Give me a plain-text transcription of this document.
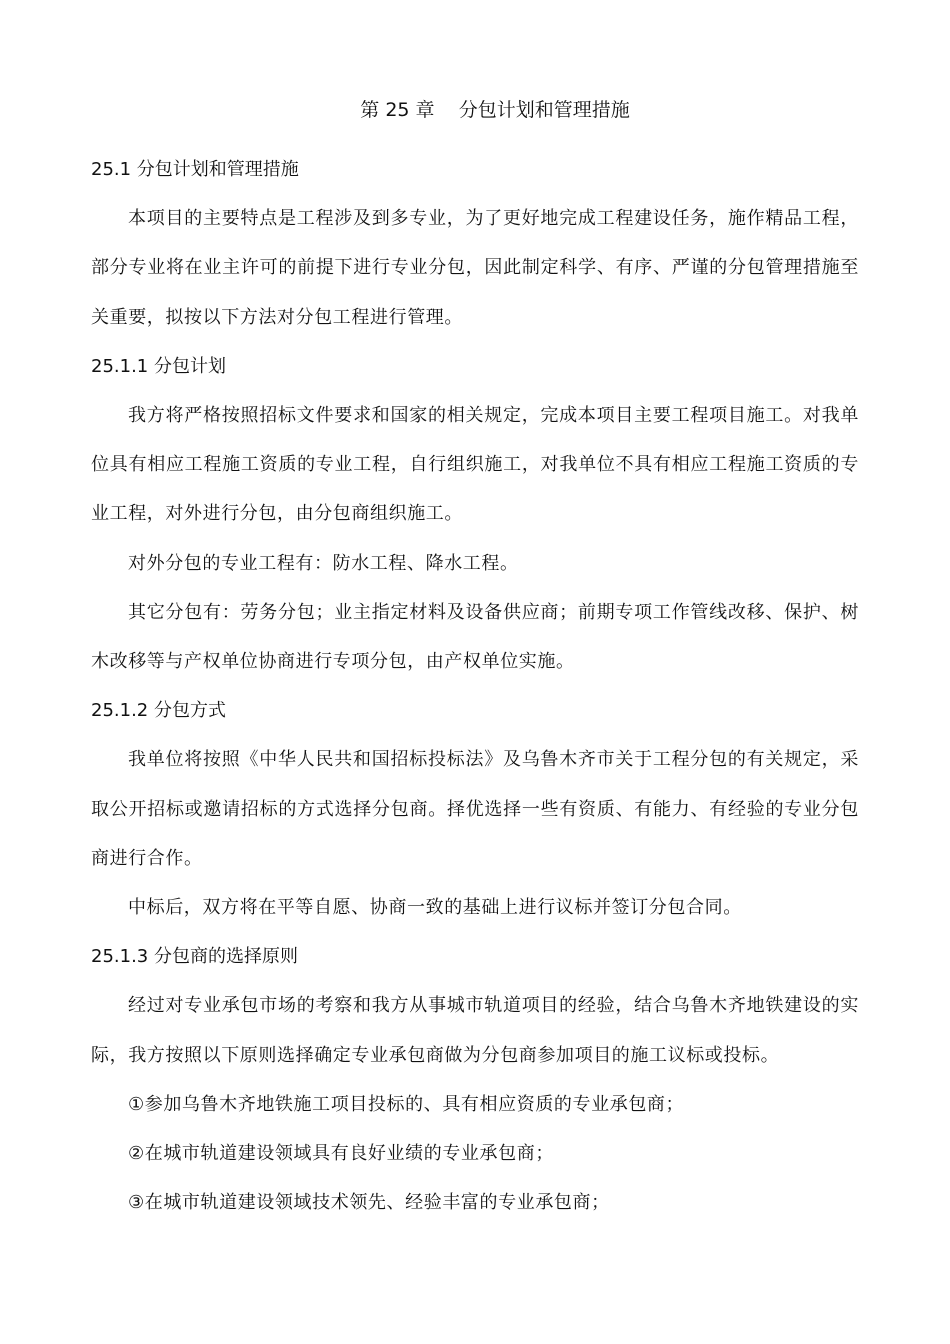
第 25 章    分包计划和管理措施
25.1 分包计划和管理措施

本项目的主要特点是工程涉及到多专业，为了更好地完成工程建设任务，施作精品工程，部分专业将在业主许可的前提下进行专业分包，因此制定科学、有序、严谨的分包管理措施至关重要，拟按以下方法对分包工程进行管理。

25.1.1 分包计划

我方将严格按照招标文件要求和国家的相关规定，完成本项目主要工程项目施工。对我单位具有相应工程施工资质的专业工程，自行组织施工，对我单位不具有相应工程施工资质的专业工程，对外进行分包，由分包商组织施工。

对外分包的专业工程有：防水工程、降水工程。

其它分包有：劳务分包；业主指定材料及设备供应商；前期专项工作管线改移、保护、树木改移等与产权单位协商进行专项分包，由产权单位实施。

25.1.2 分包方式

我单位将按照《中华人民共和国招标投标法》及乌鲁木齐市关于工程分包的有关规定，采取公开招标或邀请招标的方式选择分包商。择优选择一些有资质、有能力、有经验的专业分包商进行合作。

中标后，双方将在平等自愿、协商一致的基础上进行议标并签订分包合同。

25.1.3 分包商的选择原则

经过对专业承包市场的考察和我方从事城市轨道项目的经验，结合乌鲁木齐地铁建设的实际，我方按照以下原则选择确定专业承包商做为分包商参加项目的施工议标或投标。

①参加乌鲁木齐地铁施工项目投标的、具有相应资质的专业承包商；

②在城市轨道建设领域具有良好业绩的专业承包商；

③在城市轨道建设领域技术领先、经验丰富的专业承包商；
